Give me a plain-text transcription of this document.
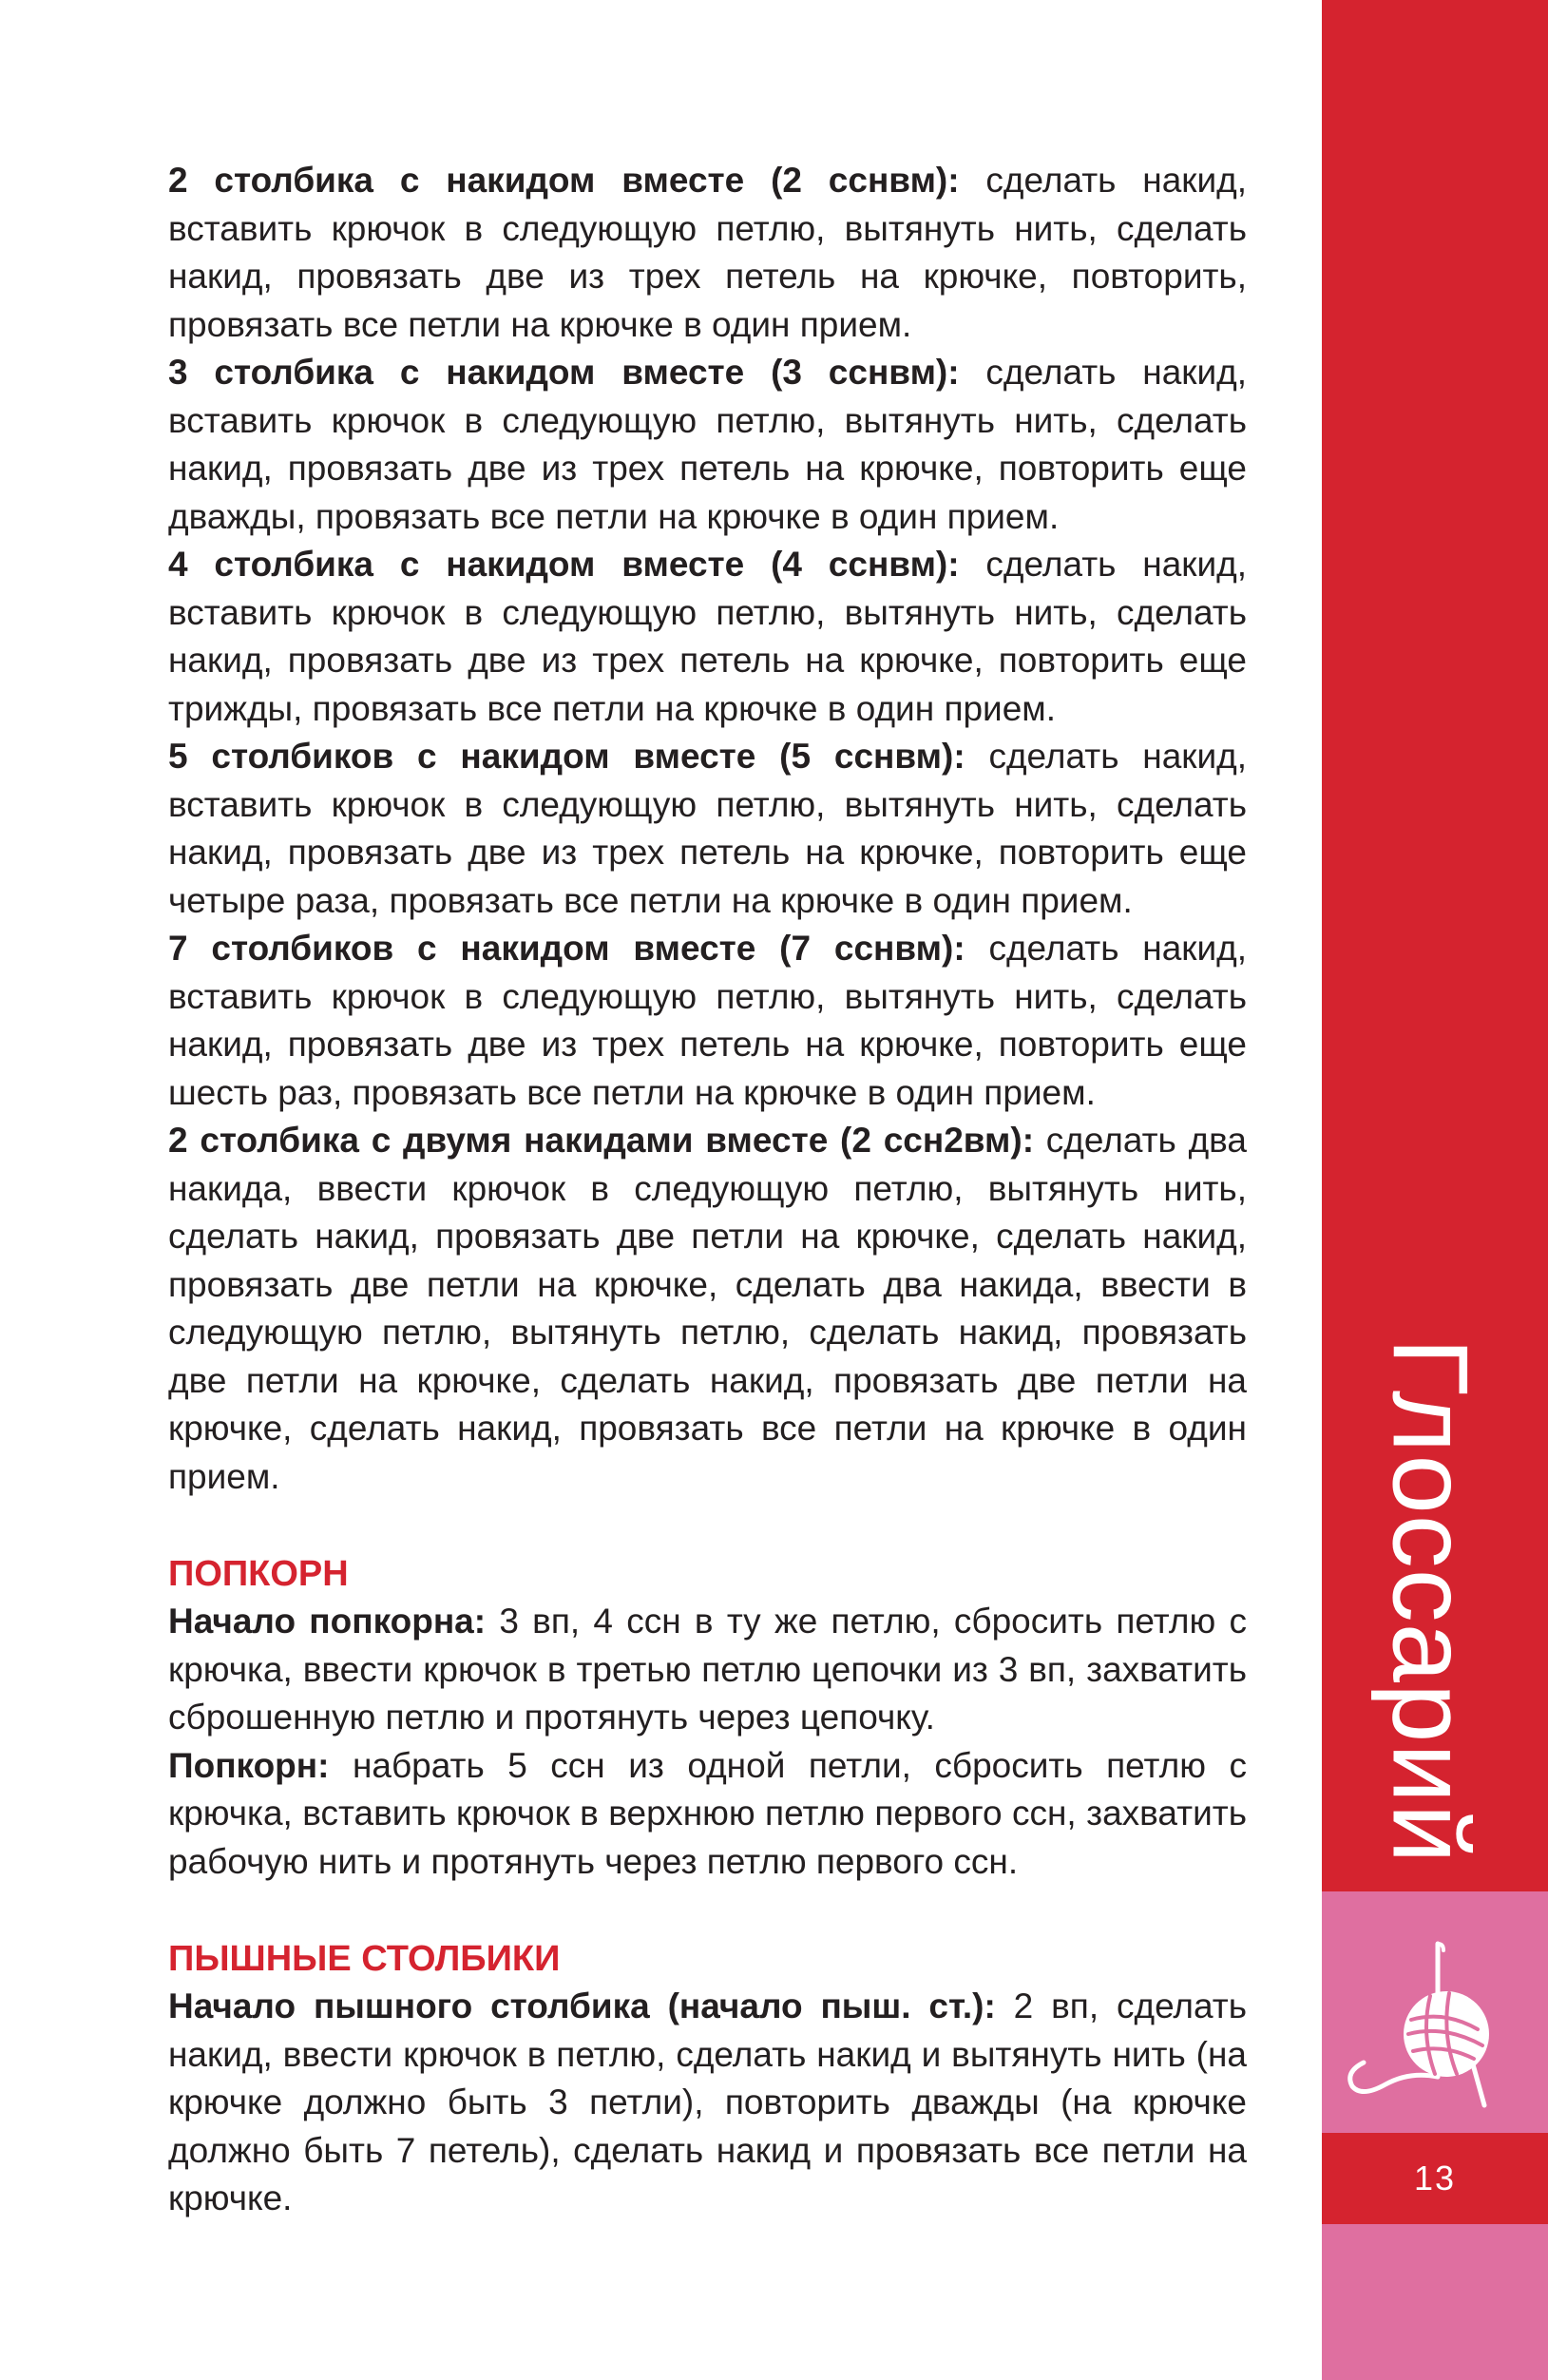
2 столбика с накидом вместе (2 сснвм): сделать накид, вставить крючок в следующую петлю, вытянуть нить, сделать накид, провязать две из трех петель на крючке, повторить, провязать все петли на крючке в один прием.

3 столбика с накидом вместе (3 сснвм): сделать накид, вставить крючок в следующую петлю, вытянуть нить, сделать накид, провязать две из трех петель на крючке, повторить еще дважды, провязать все петли на крючке в один прием.

4 столбика с накидом вместе (4 сснвм): сделать накид, вставить крючок в следующую петлю, вытянуть нить, сделать накид, провязать две из трех петель на крючке, повторить еще трижды, провязать все петли на крючке в один прием.

5 столбиков с накидом вместе (5 сснвм): сделать накид, вставить крючок в следующую петлю, вытянуть нить, сделать накид, провязать две из трех петель на крючке, повторить еще четыре раза, провязать все петли на крючке в один прием.

7 столбиков с накидом вместе (7 сснвм): сделать накид, вставить крючок в следующую петлю, вытянуть нить, сделать накид, провязать две из трех петель на крючке, повторить еще шесть раз, провязать все петли на крючке в один прием.

2 столбика с двумя накидами вместе (2 ссн2вм): сделать два накида, ввести крючок в следующую петлю, вытянуть нить, сделать накид, провязать две петли на крючке, сделать накид, провязать две петли на крючке, сделать два накида, ввести в следующую петлю, вытянуть петлю, сделать накид, провязать две петли на крючке, сделать накид, провязать две петли на крючке, сделать накид, провязать все петли на крючке в один прием.

ПОПКОРН

Начало попкорна: 3 вп, 4 ссн в ту же петлю, сбросить петлю с крючка, ввести крючок в третью петлю цепочки из 3 вп, захватить сброшенную петлю и протянуть через цепочку.

Попкорн: набрать 5 ссн из одной петли, сбросить петлю с крючка, вставить крючок в верхнюю петлю первого ссн, захватить рабочую нить и протянуть через петлю первого ссн.

ПЫШНЫЕ СТОЛБИКИ

Начало пышного столбика (начало пыш. ст.): 2 вп, сделать накид, ввести крючок в петлю, сделать накид и вытянуть нить (на крючке должно быть 3 петли), повторить дважды (на крючке должно быть 7 петель), сделать накид и провязать все петли на крючке.

Глоссарий
13
